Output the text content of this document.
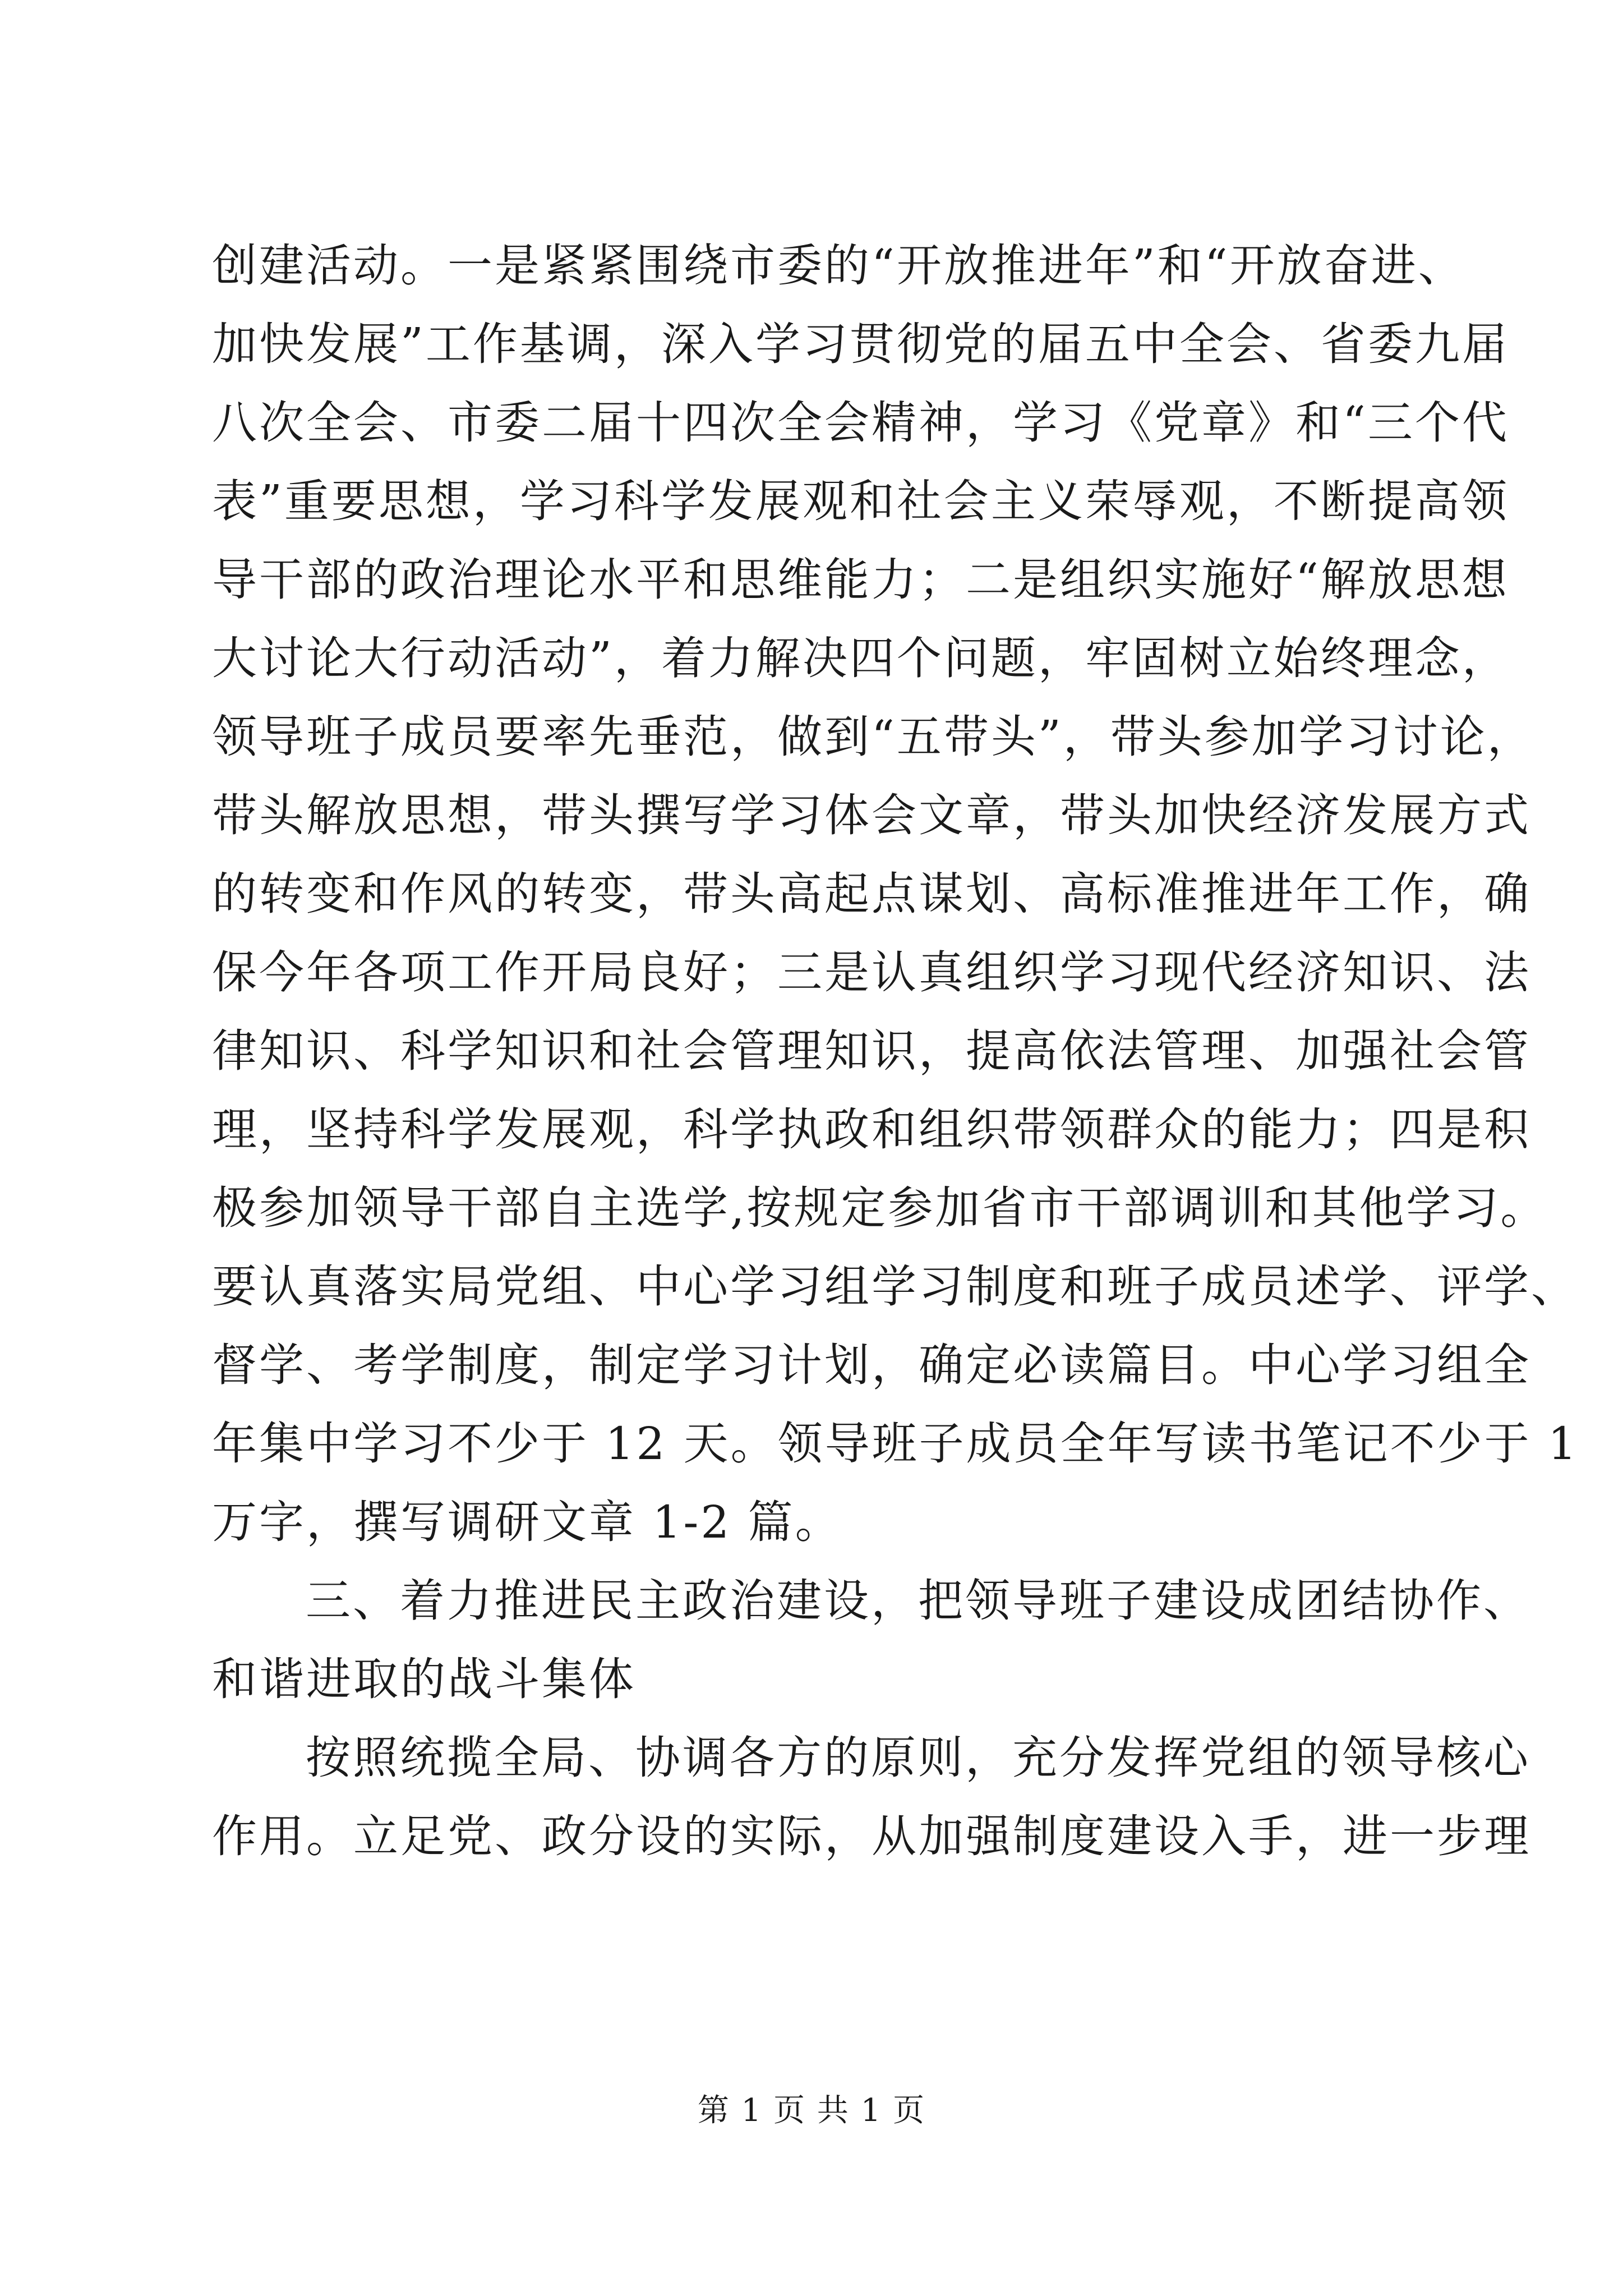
创建活动。一是紧紧围绕市委的“开放推进年”和“开放奋进、
加快发展”工作基调，深入学习贯彻党的届五中全会、省委九届
八次全会、市委二届十四次全会精神，学习《党章》和“三个代
表”重要思想，学习科学发展观和社会主义荣辱观，不断提高领
导干部的政治理论水平和思维能力；二是组织实施好“解放思想
大讨论大行动活动”，着力解决四个问题，牢固树立始终理念，
领导班子成员要率先垂范，做到“五带头”，带头参加学习讨论，
带头解放思想，带头撰写学习体会文章，带头加快经济发展方式
的转变和作风的转变，带头高起点谋划、高标准推进年工作，确
保今年各项工作开局良好；三是认真组织学习现代经济知识、法
律知识、科学知识和社会管理知识，提高依法管理、加强社会管
理，坚持科学发展观，科学执政和组织带领群众的能力；四是积
极参加领导干部自主选学,按规定参加省市干部调训和其他学习。
要认真落实局党组、中心学习组学习制度和班子成员述学、评学、
督学、考学制度，制定学习计划，确定必读篇目。中心学习组全
年集中学习不少于 12 天。领导班子成员全年写读书笔记不少于 1
万字，撰写调研文章 1-2 篇。
三、着力推进民主政治建设，把领导班子建设成团结协作、
和谐进取的战斗集体
按照统揽全局、协调各方的原则，充分发挥党组的领导核心
作用。立足党、政分设的实际，从加强制度建设入手，进一步理
第 1 页 共 1 页
